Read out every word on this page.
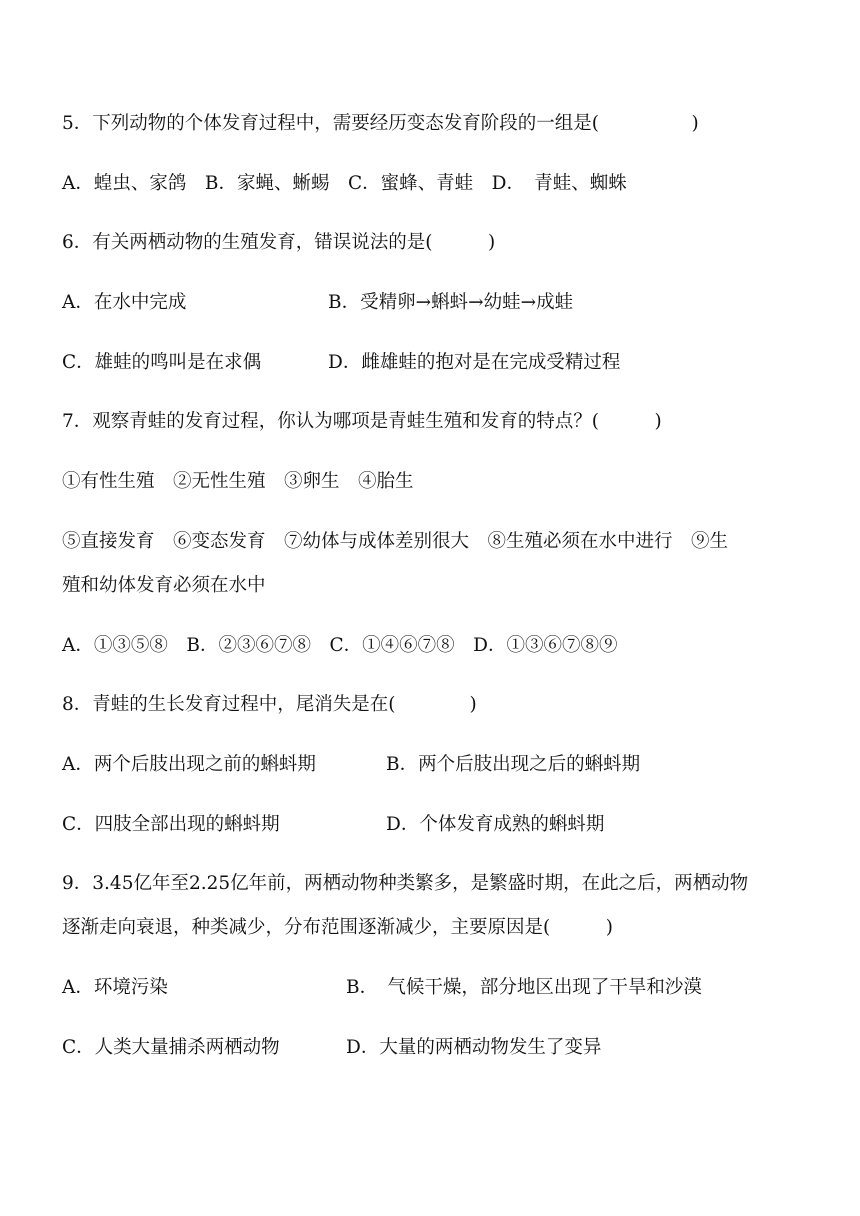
5．下列动物的个体发育过程中，需要经历变态发育阶段的一组是(　　　　　)
A．蝗虫、家鸽　B．家蝇、蜥蜴　C．蜜蜂、青蛙　D．　青蛙、蜘蛛
6．有关两栖动物的生殖发育，错误说法的是(　　　)
A．在水中完成	B．受精卵→蝌蚪→幼蛙→成蛙
C．雄蛙的鸣叫是在求偶	D．雌雄蛙的抱对是在完成受精过程
7．观察青蛙的发育过程，你认为哪项是青蛙生殖和发育的特点？(　　　)
①有性生殖　②无性生殖　③卵生　④胎生
⑤直接发育　⑥变态发育　⑦幼体与成体差别很大　⑧生殖必须在水中进行　⑨生
殖和幼体发育必须在水中
A．①③⑤⑧　B．②③⑥⑦⑧　C．①④⑥⑦⑧　D．①③⑥⑦⑧⑨
8．青蛙的生长发育过程中，尾消失是在(　　　　)
A．两个后肢出现之前的蝌蚪期	B．两个后肢出现之后的蝌蚪期
C．四肢全部出现的蝌蚪期	D．个体发育成熟的蝌蚪期
9．3.45亿年至2.25亿年前，两栖动物种类繁多，是繁盛时期，在此之后，两栖动物
逐渐走向衰退，种类减少，分布范围逐渐减少，主要原因是(　　　)
A．环境污染	B．　气候干燥，部分地区出现了干旱和沙漠
C．人类大量捕杀两栖动物	D．大量的两栖动物发生了变异
